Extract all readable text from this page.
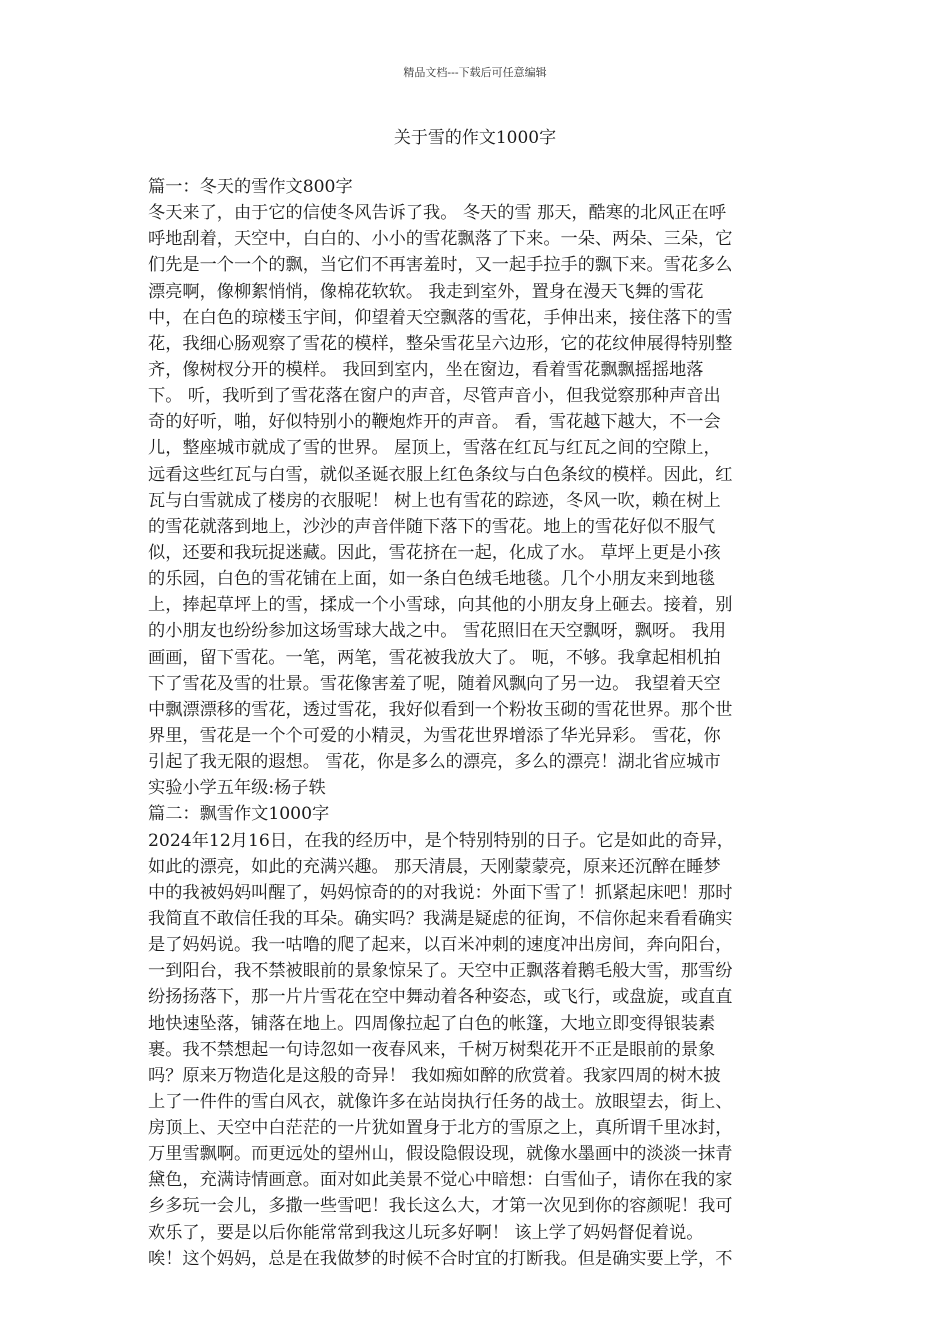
精品文档---下载后可任意编辑
关于雪的作文1000字
篇一：冬天的雪作文800字
冬天来了，由于它的信使冬风告诉了我。 冬天的雪 那天，酷寒的北风正在呼
呼地刮着，天空中，白白的、小小的雪花飘落了下来。一朵、两朵、三朵，它
们先是一个一个的飘，当它们不再害羞时，又一起手拉手的飘下来。雪花多么
漂亮啊，像柳絮悄悄，像棉花软软。 我走到室外，置身在漫天飞舞的雪花
中，在白色的琼楼玉宇间，仰望着天空飘落的雪花，手伸出来，接住落下的雪
花，我细心肠观察了雪花的模样，整朵雪花呈六边形，它的花纹伸展得特别整
齐，像树杈分开的模样。 我回到室内，坐在窗边，看着雪花飘飘摇摇地落
下。 听，我听到了雪花落在窗户的声音，尽管声音小，但我觉察那种声音出
奇的好听，啪，好似特别小的鞭炮炸开的声音。 看，雪花越下越大，不一会
儿，整座城市就成了雪的世界。 屋顶上，雪落在红瓦与红瓦之间的空隙上，
远看这些红瓦与白雪，就似圣诞衣服上红色条纹与白色条纹的模样。因此，红
瓦与白雪就成了楼房的衣服呢！ 树上也有雪花的踪迹，冬风一吹，赖在树上
的雪花就落到地上，沙沙的声音伴随下落下的雪花。地上的雪花好似不服气
似，还要和我玩捉迷藏。因此，雪花挤在一起，化成了水。 草坪上更是小孩
的乐园，白色的雪花铺在上面，如一条白色绒毛地毯。几个小朋友来到地毯
上，捧起草坪上的雪，揉成一个小雪球，向其他的小朋友身上砸去。接着，别
的小朋友也纷纷参加这场雪球大战之中。 雪花照旧在天空飘呀，飘呀。 我用
画画，留下雪花。一笔，两笔，雪花被我放大了。 呃，不够。我拿起相机拍
下了雪花及雪的壮景。雪花像害羞了呢，随着风飘向了另一边。 我望着天空
中飘漂漂移的雪花，透过雪花，我好似看到一个粉妆玉砌的雪花世界。那个世
界里，雪花是一个个可爱的小精灵，为雪花世界增添了华光异彩。 雪花，你
引起了我无限的遐想。 雪花，你是多么的漂亮，多么的漂亮！湖北省应城市
实验小学五年级:杨子轶
篇二：飘雪作文1000字
2024年12月16日，在我的经历中，是个特别特别的日子。它是如此的奇异，
如此的漂亮，如此的充满兴趣。 那天清晨，天刚蒙蒙亮，原来还沉醉在睡梦
中的我被妈妈叫醒了，妈妈惊奇的的对我说：外面下雪了！抓紧起床吧！那时
我简直不敢信任我的耳朵。确实吗？我满是疑虑的征询，不信你起来看看确实
是了妈妈说。我一咕噜的爬了起来，以百米冲刺的速度冲出房间，奔向阳台，
一到阳台，我不禁被眼前的景象惊呆了。天空中正飘落着鹅毛般大雪，那雪纷
纷扬扬落下，那一片片雪花在空中舞动着各种姿态，或飞行，或盘旋，或直直
地快速坠落，铺落在地上。四周像拉起了白色的帐篷，大地立即变得银装素
裹。我不禁想起一句诗忽如一夜春风来，千树万树梨花开不正是眼前的景象
吗？原来万物造化是这般的奇异！ 我如痴如醉的欣赏着。我家四周的树木披
上了一件件的雪白风衣，就像许多在站岗执行任务的战士。放眼望去，街上、
房顶上、天空中白茫茫的一片犹如置身于北方的雪原之上，真所谓千里冰封，
万里雪飘啊。而更远处的望州山，假设隐假设现，就像水墨画中的淡淡一抹青
黛色，充满诗情画意。面对如此美景不觉心中暗想：白雪仙子，请你在我的家
乡多玩一会儿，多撒一些雪吧！我长这么大，才第一次见到你的容颜呢！我可
欢乐了，要是以后你能常常到我这儿玩多好啊！ 该上学了妈妈督促着说。
唉！这个妈妈，总是在我做梦的时候不合时宜的打断我。但是确实要上学，不
